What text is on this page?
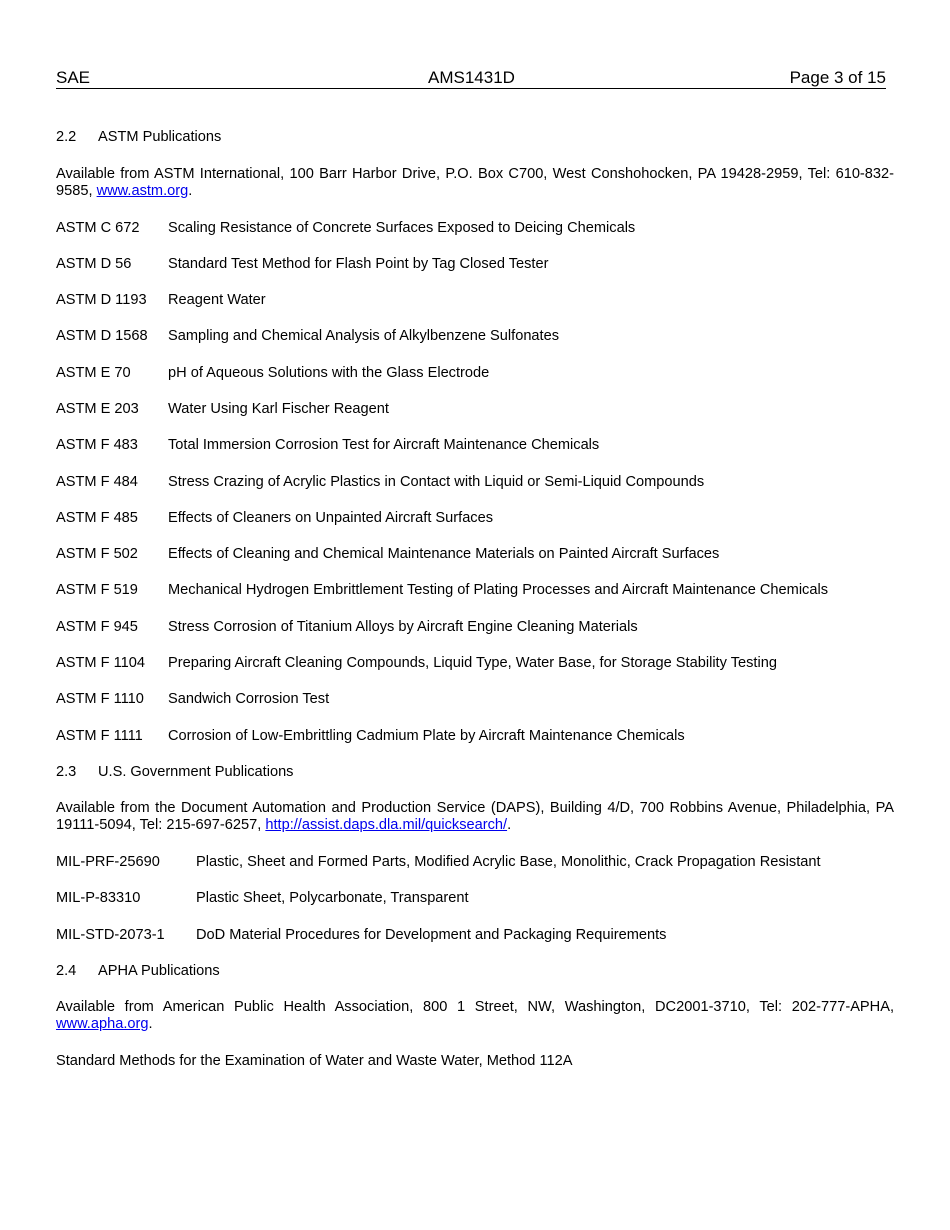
SAE	AMS1431D	Page 3 of 15
2.2 ASTM Publications
Available from ASTM International, 100 Barr Harbor Drive, P.O. Box C700, West Conshohocken, PA 19428-2959, Tel: 610-832-9585, www.astm.org.
ASTM C 672 Scaling Resistance of Concrete Surfaces Exposed to Deicing Chemicals
ASTM D 56	Standard Test Method for Flash Point by Tag Closed Tester
ASTM D 1193 Reagent Water
ASTM D 1568 Sampling and Chemical Analysis of Alkylbenzene Sulfonates
ASTM E 70	pH of Aqueous Solutions with the Glass Electrode
ASTM E 203 Water Using Karl Fischer Reagent
ASTM F 483 Total Immersion Corrosion Test for Aircraft Maintenance Chemicals
ASTM F 484 Stress Crazing of Acrylic Plastics in Contact with Liquid or Semi-Liquid Compounds
ASTM F 485 Effects of Cleaners on Unpainted Aircraft Surfaces
ASTM F 502 Effects of Cleaning and Chemical Maintenance Materials on Painted Aircraft Surfaces
ASTM F 519 Mechanical Hydrogen Embrittlement Testing of Plating Processes and Aircraft Maintenance Chemicals
ASTM F 945 Stress Corrosion of Titanium Alloys by Aircraft Engine Cleaning Materials
ASTM F 1104 Preparing Aircraft Cleaning Compounds, Liquid Type, Water Base, for Storage Stability Testing
ASTM F 1110 Sandwich Corrosion Test
ASTM F 1111 Corrosion of Low-Embrittling Cadmium Plate by Aircraft Maintenance Chemicals
2.3 U.S. Government Publications
Available from the Document Automation and Production Service (DAPS), Building 4/D, 700 Robbins Avenue, Philadelphia, PA 19111-5094, Tel: 215-697-6257, http://assist.daps.dla.mil/quicksearch/.
MIL-PRF-25690 Plastic, Sheet and Formed Parts, Modified Acrylic Base, Monolithic, Crack Propagation Resistant
MIL-P-83310	Plastic Sheet, Polycarbonate, Transparent
MIL-STD-2073-1 DoD Material Procedures for Development and Packaging Requirements
2.4 APHA Publications
Available from American Public Health Association, 800 1 Street, NW, Washington, DC2001-3710, Tel: 202-777-APHA, www.apha.org.
Standard Methods for the Examination of Water and Waste Water, Method 112A
